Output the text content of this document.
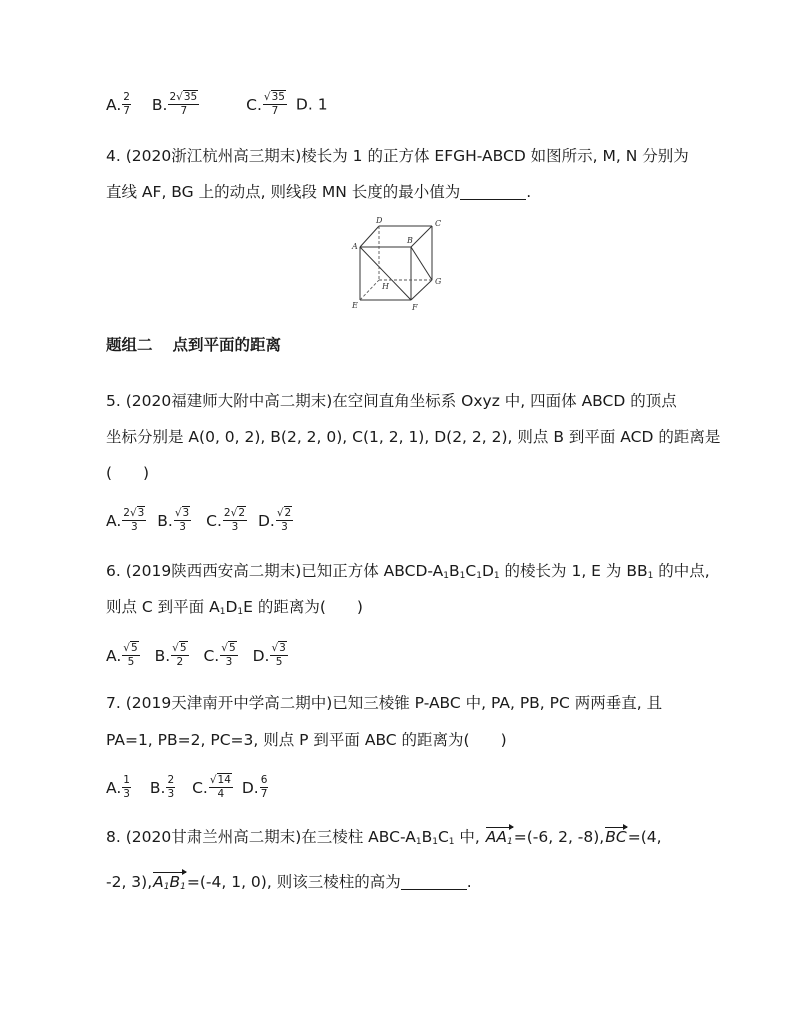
A. $\frac{2}{7}$
B. $\frac{2√35}{7}$
	C. $\frac{√35}{7} D$. 1
4. (2020浙江杭州高三期末)棱长为 1 的正方体 EFGH-ABCD 如图所示, M, N 分别为
直线 AF, BG 上的动点, 则线段 MN 长度的最小值为	.
D	C
A
B
G
H
E	F
题组二 点到平面的距离
5. (2020福建师大附中高二期末)在空间直角坐标系 Oxyz 中, 四面体 ABCD 的顶点
坐标分别是 A(0, 0, 2), B(2, 2, 0), C(1, 2, 1), D(2, 2, 2), 则点 B 到平面 ACD 的距离是
(　　)
A. $\frac{2√3}{3}$
B. $\frac{√3}{3}$
C. $\frac{2√2}{3}$
D. $\frac{√2}{3}$
6. (2019陕西西安高二期末)已知正方体 ABCD-$A_1B_1C_1D_1$ 的棱长为 1, E 为 $BB_1$ 的中点,
则点 C 到平面 $A_1D_1E$ 的距离为(　　)
A. $\frac{√5}{5}$
B. $\frac{√5}{2}$
C. $\frac{√5}{3}$
D. $\frac{√3}{5}$
7. (2019天津南开中学高二期中)已知三棱锥 P-ABC 中, PA, PB, PC 两两垂直, 且
PA=1, PB=2, PC=3, 则点 P 到平面 ABC 的距离为(　　)
A. $\frac{1}{3}$
B. $\frac{2}{3}$
C. $\frac{√14}{4}$
D. $\frac{6}{7}$
8. (2020甘肃兰州高二期末)在三棱柱 ABC-$A_1B_1C_1$ 中, $AA_1=(-6$, 2, -8),BC=(4,
-2, $3),A_1B_1=(-4$, 1, 0), 则该三棱柱的高为	.
